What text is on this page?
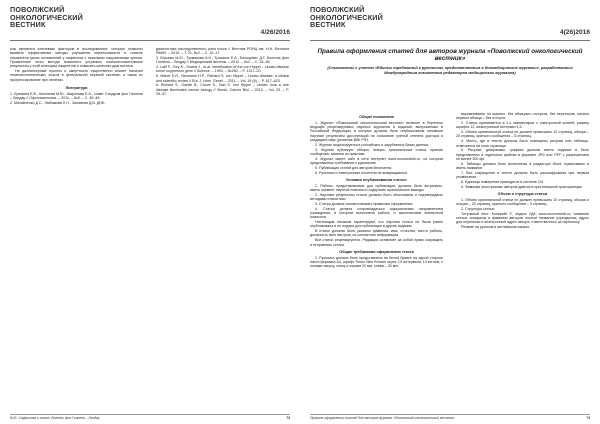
ПОВОЛЖСКИЙ
ОНКОЛОГИЧЕСКИЙ
ВЕСТНИК
4/26/2016

кож являются ключевым фактором в исследованиях, которые позволят выявить эффективные методы улучшения переносимости и снизить показатели риска осложнений у пациентов с тяжелыми нарушениями зрения. Применение этого метода позволило устранить ложноположительные результаты у этой категории пациентов и повысить качество диагностики.

На диспансерный прогноз и смертность существенно влияет наличие гематоиспленических очагов в центральной нервной системе, а также их прогрессирование при лечении.

Литература

1. Еремина Е.В., Киселева М.Ю., Шаронова Е.А., соавт. Синдром фон Гиппеля – Линдау // Офтальмология. – 2011. – №6. – С. 45–49.

2. Михайленко Д.С., Любимова Л.Н., Заливная Д.В. ДНК-

диагностика наследственного рака почки // Вестник РОНЦ им. Н.Н. Блохина РАМН. – 2010. – Т. 21, №2. – С. 10–17.

3. Юрьева М.Ю., Токмакова А.Н., Трошина Е.А., Бельцевич Д.Г. Болезнь фон Гиппеля – Линдау // Медицинский вестник. – 2012. – №2. – С. 34–36.

4. Latif F., Tory K., Gnarra J., et al. Identification of the von Hippel – Lindau disease tumor suppressor gene // Science. – 1993. – №260. – P. 1317–20.

5. Maher E.R., Neumann H.P., Richard S. von Hippel – Lindau disease: a clinical and scientific review // Eur. J. Hum. Genet. – 2011. – Vol. 19 (6). – P. 617–623.

6. Richard S., Gardie B., Couve S., Gad S. Von Hippel – Lindau: how a rare disease illuminates cancer biology // Semin. Cancer Biol. – 2013. – Vol. 23. – P. 26–37.

Ю.В. Сафронова и соавт. Болезнь фон Гиппеля – Линдау	73
ПОВОЛЖСКИЙ
ОНКОЛОГИЧЕСКИЙ
ВЕСТНИК
4(26)2016
Правила оформления статей для авторов журнала «Поволжский онкологический вестник»
(Составлены с учетом «Единых требований к рукописям, представляемым в биомедицинские журналы», разработанных Международным комитетом редакторов медицинских журналов)
Общие положения

1. Журнал «Поволжский онкологический вестник» включен в Перечень ведущих рецензируемых научных журналов и изданий, выпускаемых в Российской Федерации, в которых должны быть опубликованы основные научные результаты диссертаций на соискание ученой степени доктора и кандидата наук (решение ВАК РФ).

2. Журнал индексируется в российских и зарубежных базах данных.

3. Журнал публикует обзоры, лекции, оригинальные статьи, краткие сообщения, заметки из практики.

4. Журнал имеет сайт в сети интернет www.oncovestnik.ru, на котором представлены требования к рукописям.

5. Публикация статей для авторов бесплатна.

6. Рукописи и электронные носители не возвращаются.

Условия опубликования статьи:

1. Работы, представляемые для публикации, должны быть актуальны, иметь элемент научной новизны и содержать практические выводы.

2. Научные результаты статьи должны быть обоснованы и подтверждены методами статистики.

3. Статья должна соответствовать правилам оформления.

4. Статья должна сопровождаться официальным направлением учреждения, в котором выполнена работа, и заключением экспертной комиссии.

Настоящим письмом гарантируем, что научная статья не была ранее опубликована и не подана для публикации в другие издания.

В статье должны быть указаны фамилия, имя, отчество, место работы, должность всех авторов, их контактная информация.

Все статьи рецензируются. Редакция оставляет за собой право сокращать и исправлять статьи.

Общие требования оформления текста

1. Рукопись должна быть представлена на белой бумаге на одной стороне листа формата А4, шрифт Times New Roman через 1,5 интервала, 14 кеглем, с полями сверху, снизу и справа 20 мм, слева – 30 мм.

выравнивание по ширине, без абзацных отступов, без переносов, начало первого абзаца – без отступа.

2. Статья принимается в 2-х экземплярах с электронной копией, размер шрифта 12, межстрочный интервал 1,5.

3. Объем оригинальной статьи не должен превышать 12 страниц, обзора – 20 страниц, краткого сообщения – 5 страниц.

4. Место, где в тексте должны быть помещены рисунки или таблицы, отмечается на поле страницы.

5. Рисунки, диаграммы, графики должны иметь подписи и быть представлены в отдельных файлах в формате JPG или TIFF с разрешением не менее 300 dpi.

6. Таблицы должны быть выполнены в редакторе Word, нумерованы и иметь название.

7. Все сокращения в тексте должны быть расшифрованы при первом упоминании.

8. Единицы измерения приводятся в системе СИ.

9. Фамилии иностранных авторов даются в оригинальной транскрипции.

Объем и структура статьи

1. Объем оригинальной статьи не должен превышать 10 страниц, обзора и лекции – 20 страниц, краткого сообщения – 5 страниц.

2. Структура статьи:

Титульный лист: Копирайт ©, индекс УДК; www.oncovestnik.ru; название статьи; инициалы и фамилии авторов; полное название учреждения; адрес для переписки и электронный адрес автора, ответственного за переписку.

Резюме на русском и английском языках.

Правила оформления статей для авторов журнала «Поволжский онкологический вестник»	74
